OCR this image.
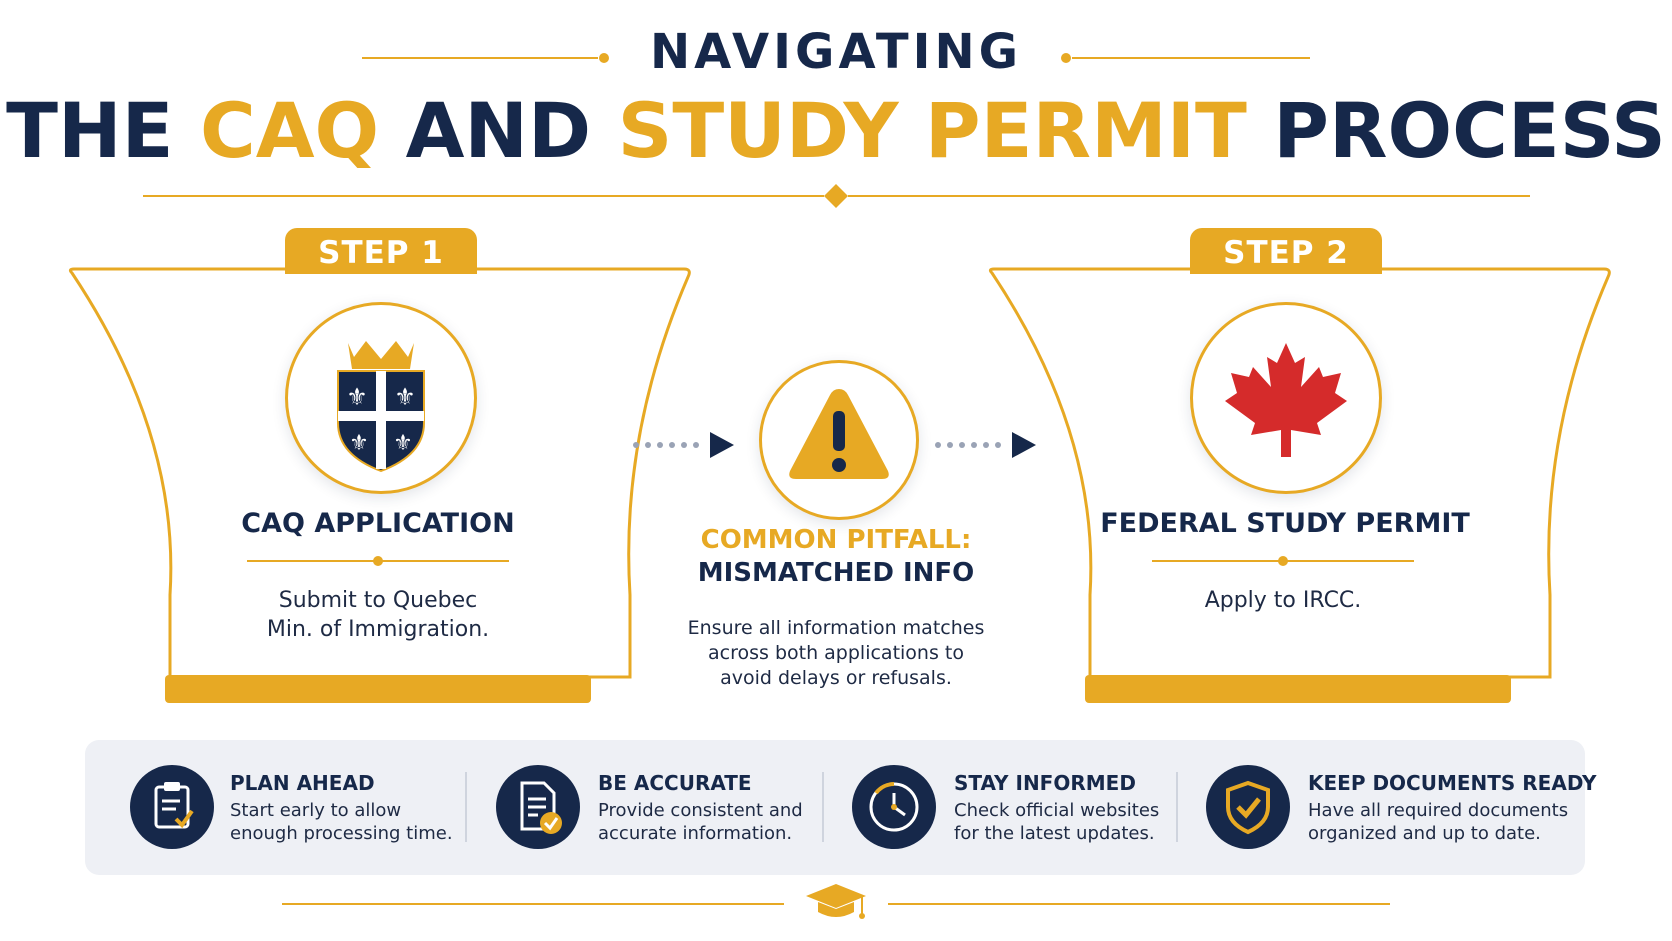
NAVIGATING
THE CAQ AND STUDY PERMIT PROCESS
STEP 1
⚜ ⚜
⚜ ⚜
CAQ APPLICATION
Submit to Quebec
Min. of Immigration.
COMMON PITFALL:
MISMATCHED INFO
Ensure all information matches
across both applications to
avoid delays or refusals.
STEP 2
FEDERAL STUDY PERMIT
Apply to IRCC.
PLAN AHEAD
Start early to allow
enough processing time.
BE ACCURATE
Provide consistent and
accurate information.
STAY INFORMED
Check official websites
for the latest updates.
KEEP DOCUMENTS READY
Have all required documents
organized and up to date.
